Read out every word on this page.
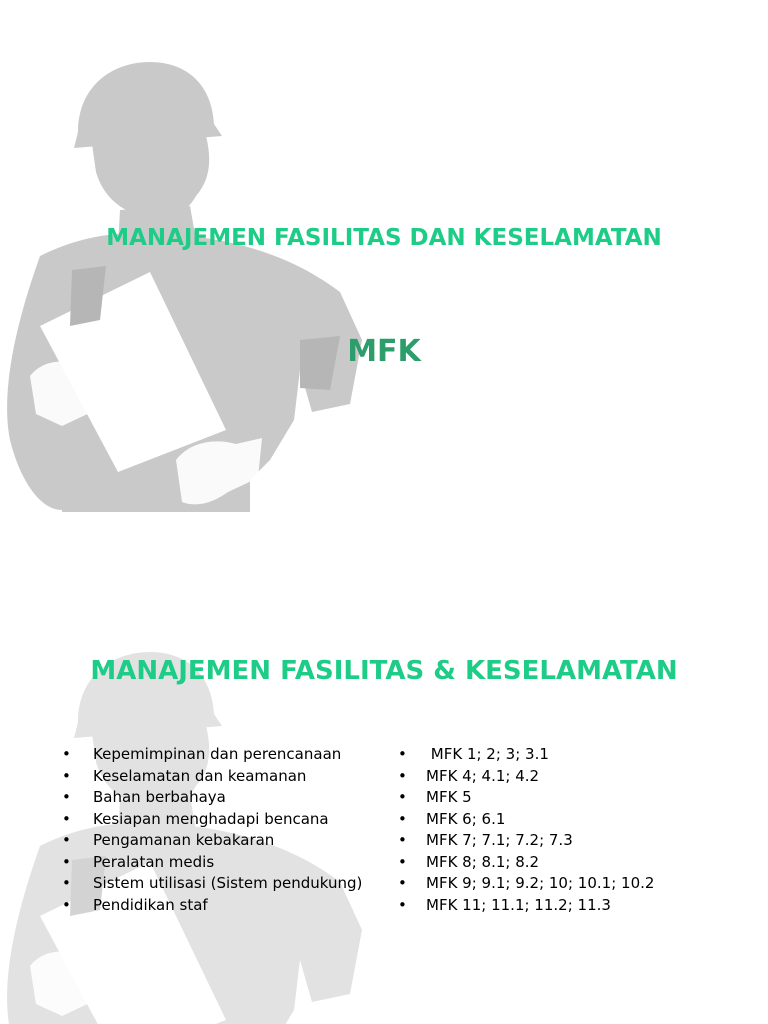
MANAJEMEN FASILITAS DAN KESELAMATAN
MFK
MANAJEMEN FASILITAS & KESELAMATAN
• Kepemimpinan dan perencanaan
• Keselamatan dan keamanan
• Bahan berbahaya
• Kesiapan menghadapi bencana
• Pengamanan kebakaran
• Peralatan medis
• Sistem utilisasi (Sistem pendukung)
• Pendidikan staf
• MFK 1; 2; 3; 3.1
• MFK 4; 4.1; 4.2
• MFK 5
• MFK 6; 6.1
• MFK 7; 7.1; 7.2; 7.3
• MFK 8; 8.1; 8.2
• MFK 9; 9.1; 9.2; 10; 10.1; 10.2
• MFK 11; 11.1; 11.2; 11.3
